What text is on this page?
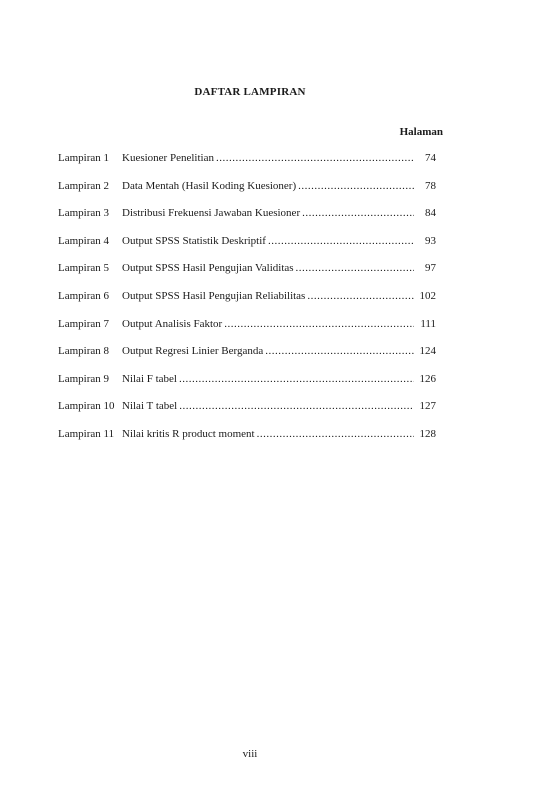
DAFTAR LAMPIRAN
Halaman
Lampiran 1	Kuesioner Penelitian .....	74
Lampiran 2	Data Mentah (Hasil Koding Kuesioner) .....	78
Lampiran 3	Distribusi Frekuensi Jawaban Kuesioner .....	84
Lampiran 4	Output SPSS Statistik Deskriptif .....	93
Lampiran 5	Output SPSS Hasil Pengujian Validitas .....	97
Lampiran 6	Output SPSS Hasil Pengujian Reliabilitas .....	102
Lampiran 7	Output Analisis Faktor .....	111
Lampiran 8	Output Regresi Linier Berganda .....	124
Lampiran 9	Nilai F tabel .....	126
Lampiran 10 Nilai T tabel .....	127
Lampiran 11 Nilai kritis R product moment .....	128
viii
